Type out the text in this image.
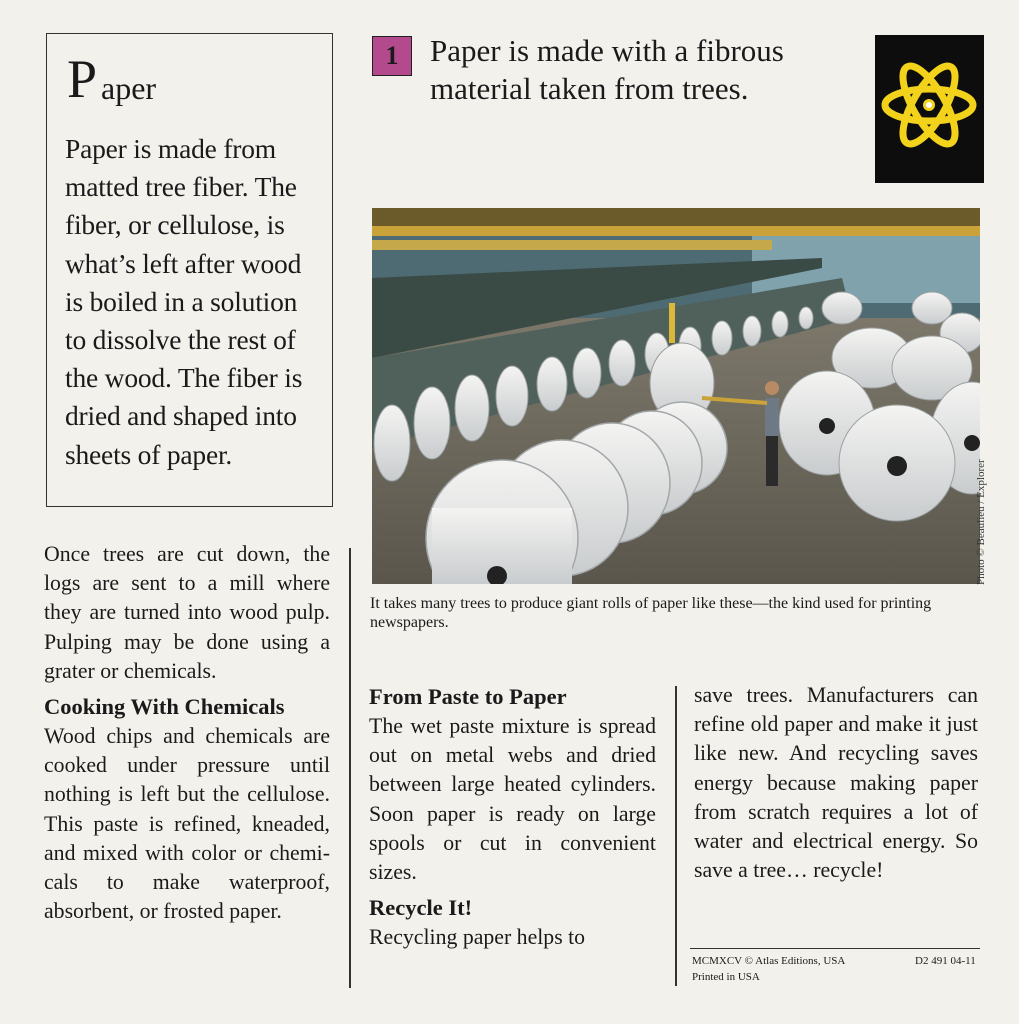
P aper
Paper is made from matted tree fiber. The fiber, or cellulose, is what’s left after wood is boiled in a solution to dissolve the rest of the wood. The fiber is dried and shaped into sheets of paper.
1	Paper is made with a fibrous material taken from trees.
Photo © Beaulieu / Explorer
It takes many trees to produce giant rolls of paper like these—the kind used for printing newspapers.

Once trees are cut down, the logs are sent to a mill where they are turned into wood pulp. Pulping may be done using a grater or chemicals.

Cooking With Chemicals

Wood chips and chemicals are cooked under pressure until nothing is left but the cellulose. This paste is refined, kneaded, and mixed with color or chemi-cals to make waterproof, absorbent, or frosted paper.

From Paste to Paper

The wet paste mixture is spread out on metal webs and dried between large heated cylinders. Soon paper is ready on large spools or cut in convenient sizes.

Recycle It!

Recycling paper helps to

save trees. Manufacturers can refine old paper and make it just like new. And recycling saves energy because making paper from scratch requires a lot of water and electrical energy. So save a tree… recycle!

MCMXCV © Atlas Editions, USA
Printed in USA
D2 491 04-11
